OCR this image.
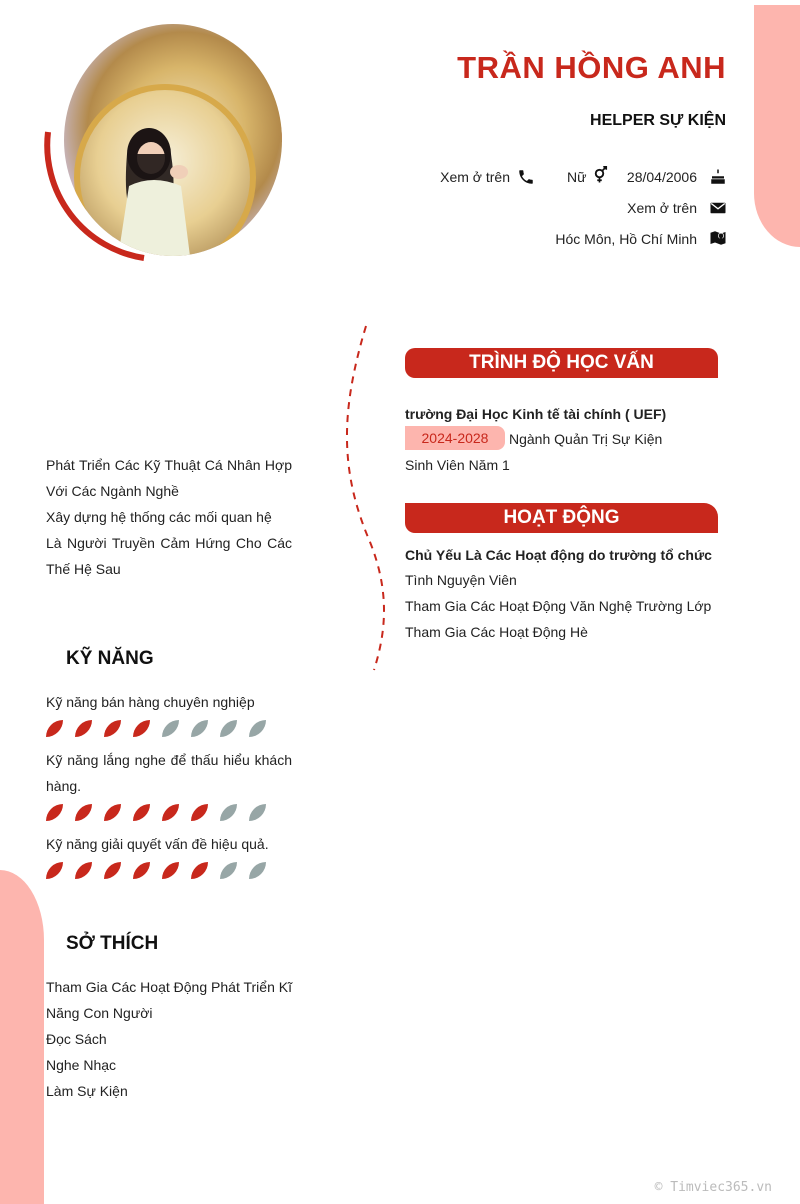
TRẦN HỒNG ANH
HELPER SỰ KIỆN
Xem ở trên	Nữ	28/04/2006
Xem ở trên
Hóc Môn, Hồ Chí Minh
Phát Triển Các Kỹ Thuật Cá Nhân Hợp Với Các Ngành Nghề
Xây dựng hệ thống các mối quan hệ
Là Người Truyền Cảm Hứng Cho Các Thế Hệ Sau
KỸ NĂNG
Kỹ năng bán hàng chuyên nghiệp
Kỹ năng lắng nghe để thấu hiểu khách hàng.
Kỹ năng giải quyết vấn đề hiệu quả.
SỞ THÍCH
Tham Gia Các Hoạt Động Phát Triển Kĩ Năng Con Người
Đọc Sách
Nghe Nhạc
Làm Sự Kiện
TRÌNH ĐỘ HỌC VẤN
trường Đại Học Kinh tế tài chính ( UEF)
2024-2028	Ngành Quản Trị Sự Kiện
Sinh Viên Năm 1
HOẠT ĐỘNG
Chủ Yếu Là Các Hoạt động do trường tổ chức
Tình Nguyện Viên
Tham Gia Các Hoạt Động Văn Nghệ Trường Lớp
Tham Gia Các Hoạt Động Hè
© Timviec365.vn
